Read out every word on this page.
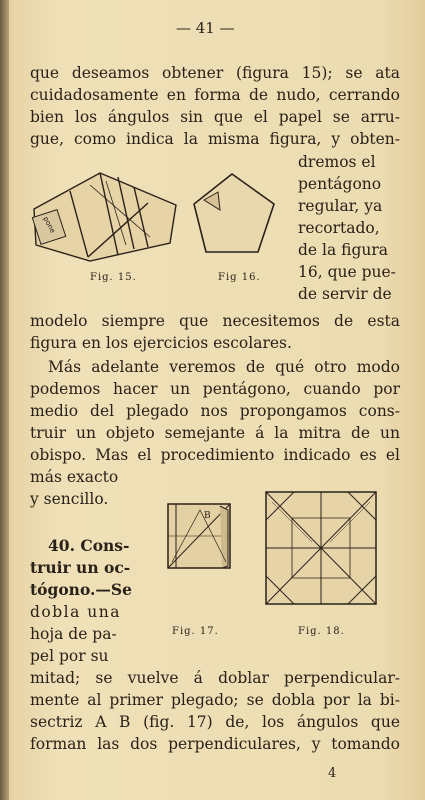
— 41 —
que deseamos obtener (figura 15); se ata
cuidadosamente en forma de nudo, cerrando
bien los ángulos sin que el papel se arru-
gue, como indica la misma figura, y obten-
dremos el
pentágono
regular, ya
recortado,
de la figura
16, que pue-
de servir de
pone
Fig. 15.	Fig 16.
modelo siempre que necesitemos de esta
figura en los ejercicios escolares.
Más adelante veremos de qué otro modo
podemos hacer un pentágono, cuando por
medio del plegado nos propongamos cons-
truir un objeto semejante á la mitra de un
obispo. Mas el procedimiento indicado es el
más exacto
y sencillo.
40. Cons-
truir un oc-
tógono.—Se
dobla una
hoja de pa-
pel por su
B
Fig. 17.	Fig. 18.
mitad; se vuelve á doblar perpendicular-
mente al primer plegado; se dobla por la bi-
sectriz A B (fig. 17) de, los ángulos que
forman las dos perpendiculares, y tomando
4
